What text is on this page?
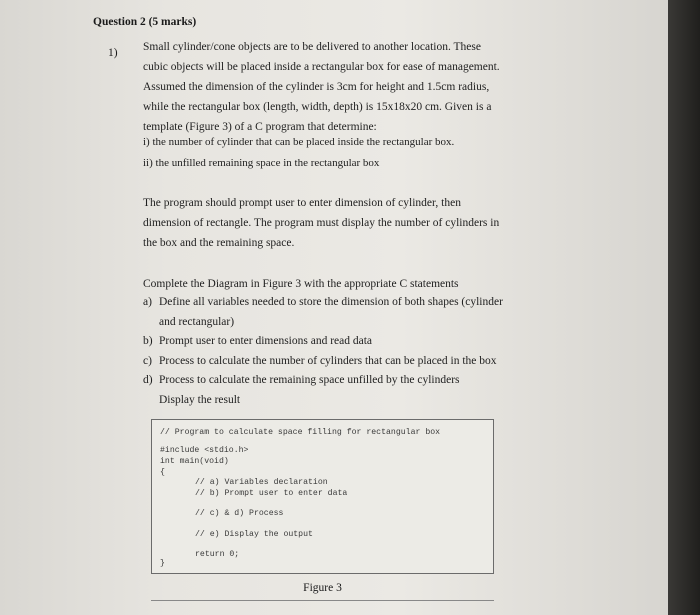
Question 2 (5 marks)
1) Small cylinder/cone objects are to be delivered to another location. These cubic objects will be placed inside a rectangular box for ease of management. Assumed the dimension of the cylinder is 3cm for height and 1.5cm radius, while the rectangular box (length, width, depth) is 15x18x20 cm. Given is a template (Figure 3) of a C program that determine:

i) the number of cylinder that can be placed inside the rectangular box.
ii) the unfilled remaining space in the rectangular box

The program should prompt user to enter dimension of cylinder, then dimension of rectangle. The program must display the number of cylinders in the box and the remaining space.

Complete the Diagram in Figure 3 with the appropriate C statements

a) Define all variables needed to store the dimension of both shapes (cylinder and rectangular)
b) Prompt user to enter dimensions and read data
c) Process to calculate the number of cylinders that can be placed in the box
d) Process to calculate the remaining space unfilled by the cylinders
Display the result
// Program to calculate space filling for rectangular box
#include <stdio.h>
int main(void)
{
// a) Variables declaration
// b) Prompt user to enter data
// c) & d) Process
// e) Display the output
return 0;
}
Figure 3
